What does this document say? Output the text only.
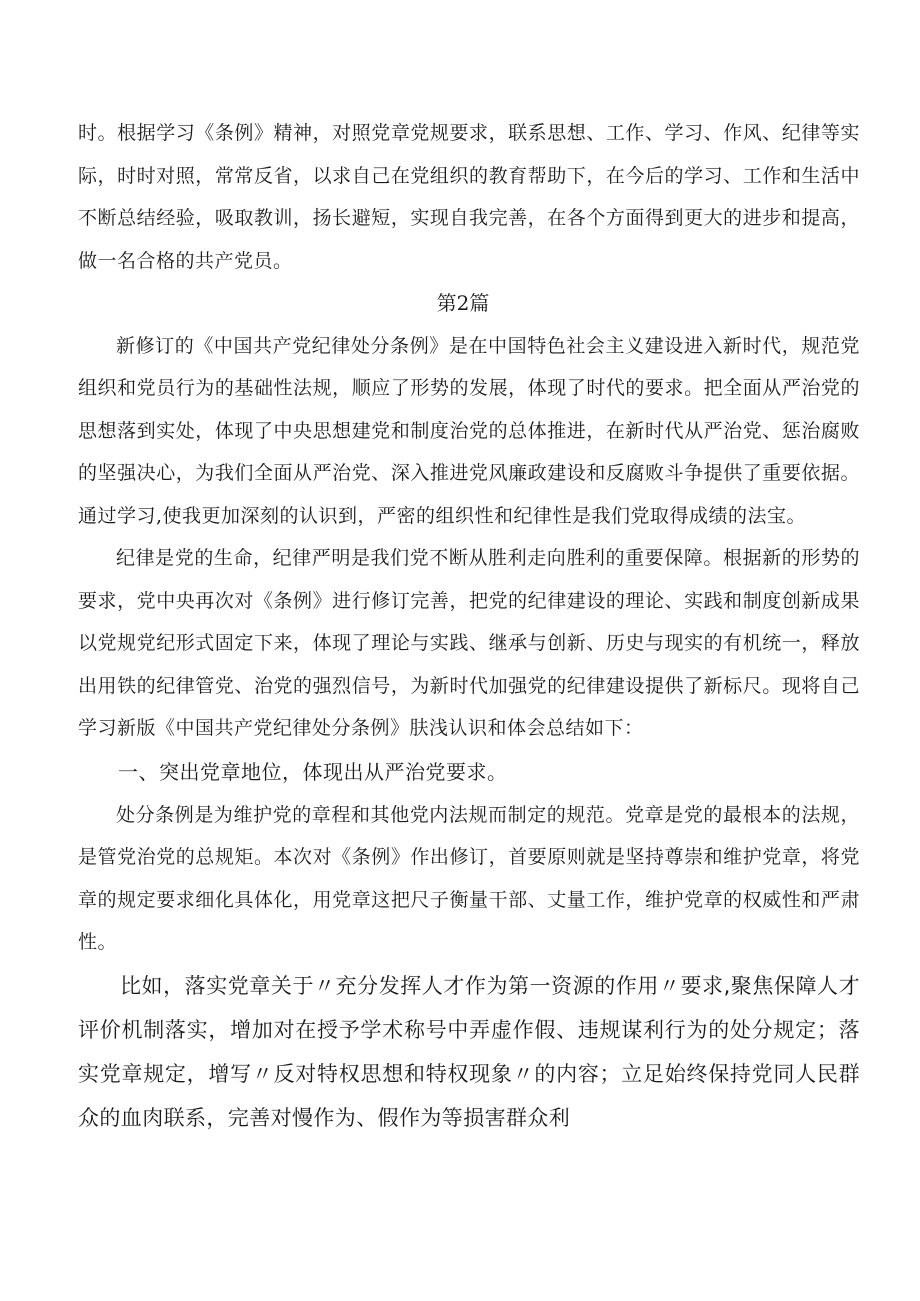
时。根据学习《条例》精神，对照党章党规要求，联系思想、工作、学习、作风、纪律等实际，时时对照，常常反省，以求自己在党组织的教育帮助下，在今后的学习、工作和生活中不断总结经验，吸取教训，扬长避短，实现自我完善，在各个方面得到更大的进步和提高，做一名合格的共产党员。

第2篇

新修订的《中国共产党纪律处分条例》是在中国特色社会主义建设进入新时代，规范党组织和党员行为的基础性法规，顺应了形势的发展，体现了时代的要求。把全面从严治党的思想落到实处，体现了中央思想建党和制度治党的总体推进，在新时代从严治党、惩治腐败的坚强决心，为我们全面从严治党、深入推进党风廉政建设和反腐败斗争提供了重要依据。通过学习,使我更加深刻的认识到，严密的组织性和纪律性是我们党取得成绩的法宝。

纪律是党的生命，纪律严明是我们党不断从胜利走向胜利的重要保障。根据新的形势的要求，党中央再次对《条例》进行修订完善，把党的纪律建设的理论、实践和制度创新成果以党规党纪形式固定下来，体现了理论与实践、继承与创新、历史与现实的有机统一，释放出用铁的纪律管党、治党的强烈信号，为新时代加强党的纪律建设提供了新标尺。现将自己学习新版《中国共产党纪律处分条例》肤浅认识和体会总结如下：

一、突出党章地位，体现出从严治党要求。

处分条例是为维护党的章程和其他党内法规而制定的规范。党章是党的最根本的法规，是管党治党的总规矩。本次对《条例》作出修订，首要原则就是坚持尊崇和维护党章，将党章的规定要求细化具体化，用党章这把尺子衡量干部、丈量工作，维护党章的权威性和严肃性。

比如，落实党章关于〃充分发挥人才作为第一资源的作用〃要求,聚焦保障人才评价机制落实，增加对在授予学术称号中弄虚作假、违规谋利行为的处分规定；落实党章规定，增写〃反对特权思想和特权现象〃的内容；立足始终保持党同人民群众的血肉联系，完善对慢作为、假作为等损害群众利
